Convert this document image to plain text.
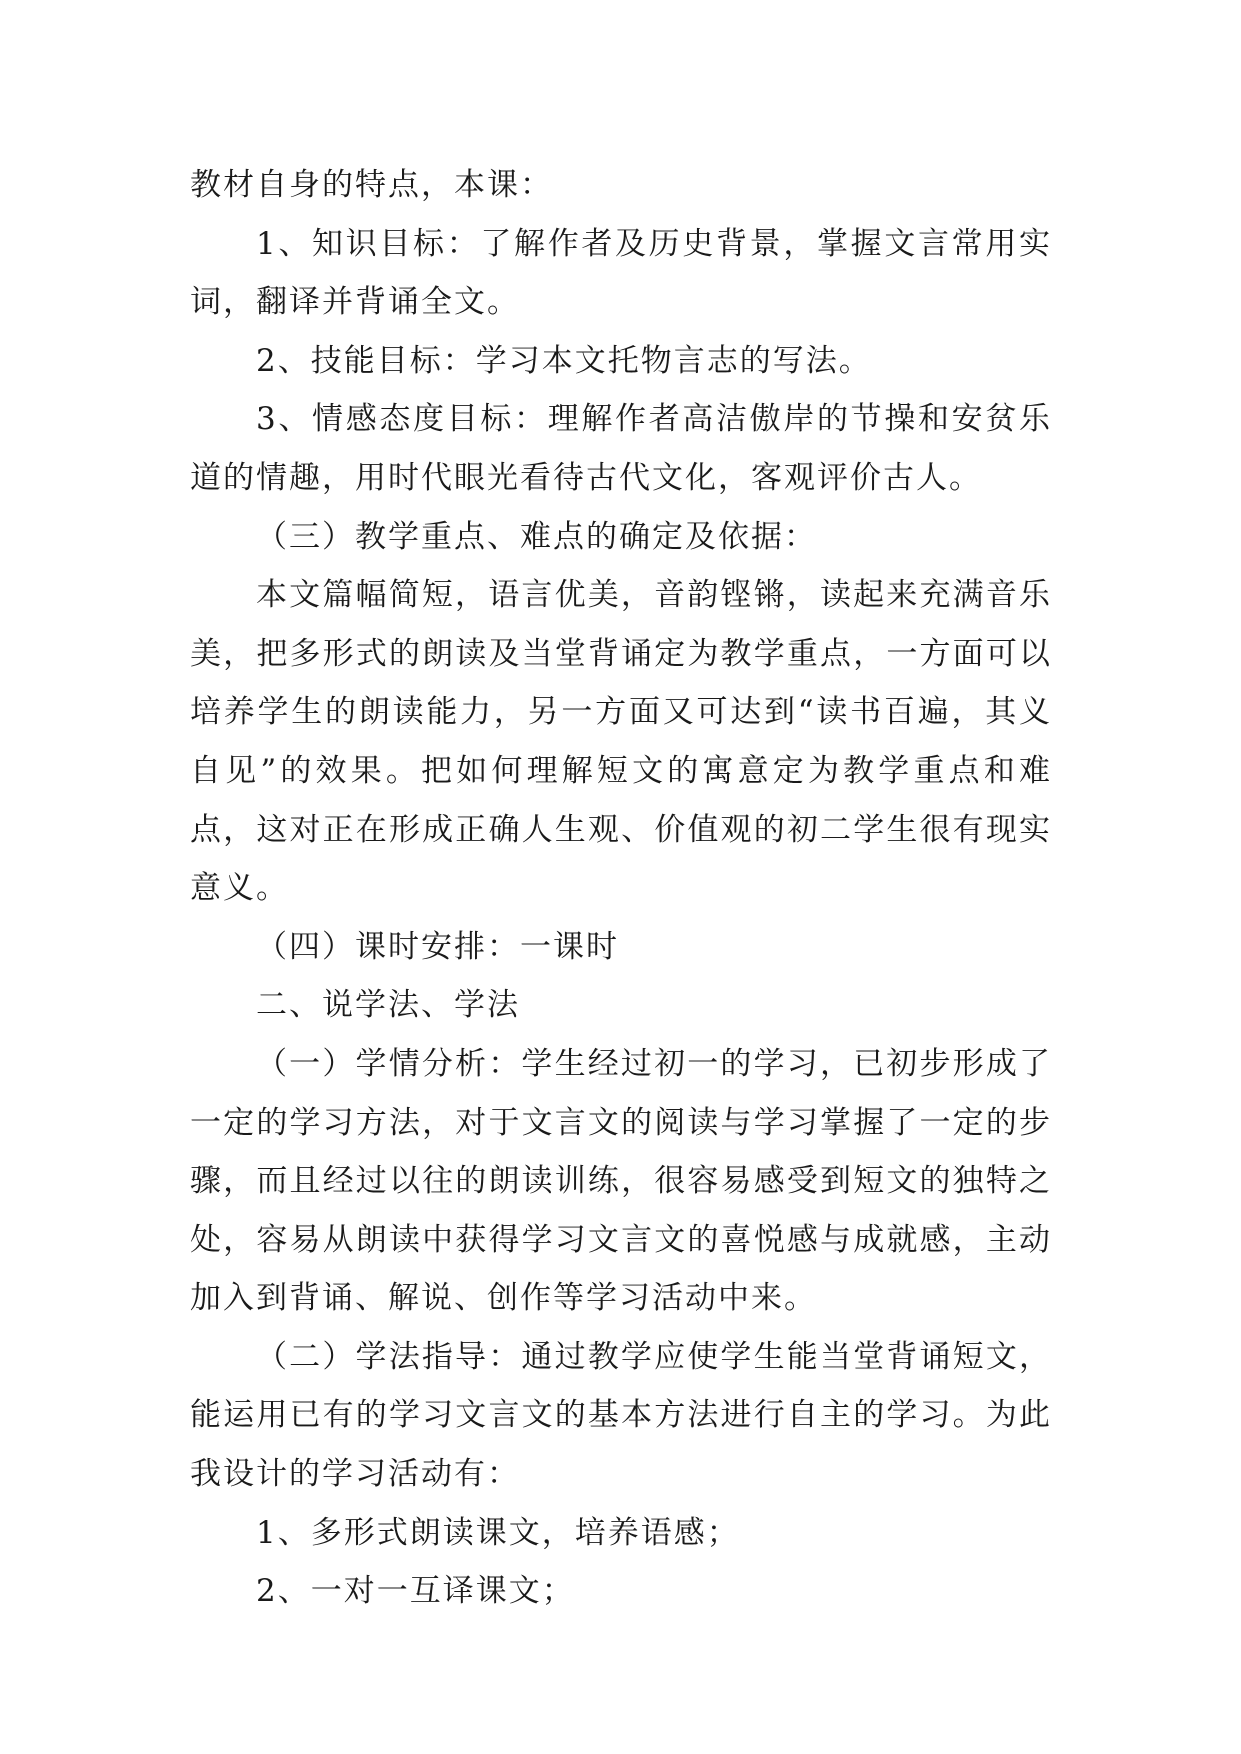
教材自身的特点，本课：

1、知识目标：了解作者及历史背景，掌握文言常用实词，翻译并背诵全文。

2、技能目标：学习本文托物言志的写法。

3、情感态度目标：理解作者高洁傲岸的节操和安贫乐道的情趣，用时代眼光看待古代文化，客观评价古人。

（三）教学重点、难点的确定及依据：

本文篇幅简短，语言优美，音韵铿锵，读起来充满音乐美，把多形式的朗读及当堂背诵定为教学重点，一方面可以培养学生的朗读能力，另一方面又可达到“读书百遍，其义自见”的效果。把如何理解短文的寓意定为教学重点和难点，这对正在形成正确人生观、价值观的初二学生很有现实意义。

（四）课时安排：一课时

二、说学法、学法

（一）学情分析：学生经过初一的学习，已初步形成了一定的学习方法，对于文言文的阅读与学习掌握了一定的步骤，而且经过以往的朗读训练，很容易感受到短文的独特之处，容易从朗读中获得学习文言文的喜悦感与成就感，主动加入到背诵、解说、创作等学习活动中来。

（二）学法指导：通过教学应使学生能当堂背诵短文，能运用已有的学习文言文的基本方法进行自主的学习。为此我设计的学习活动有：

1、多形式朗读课文，培养语感；

2、一对一互译课文；
